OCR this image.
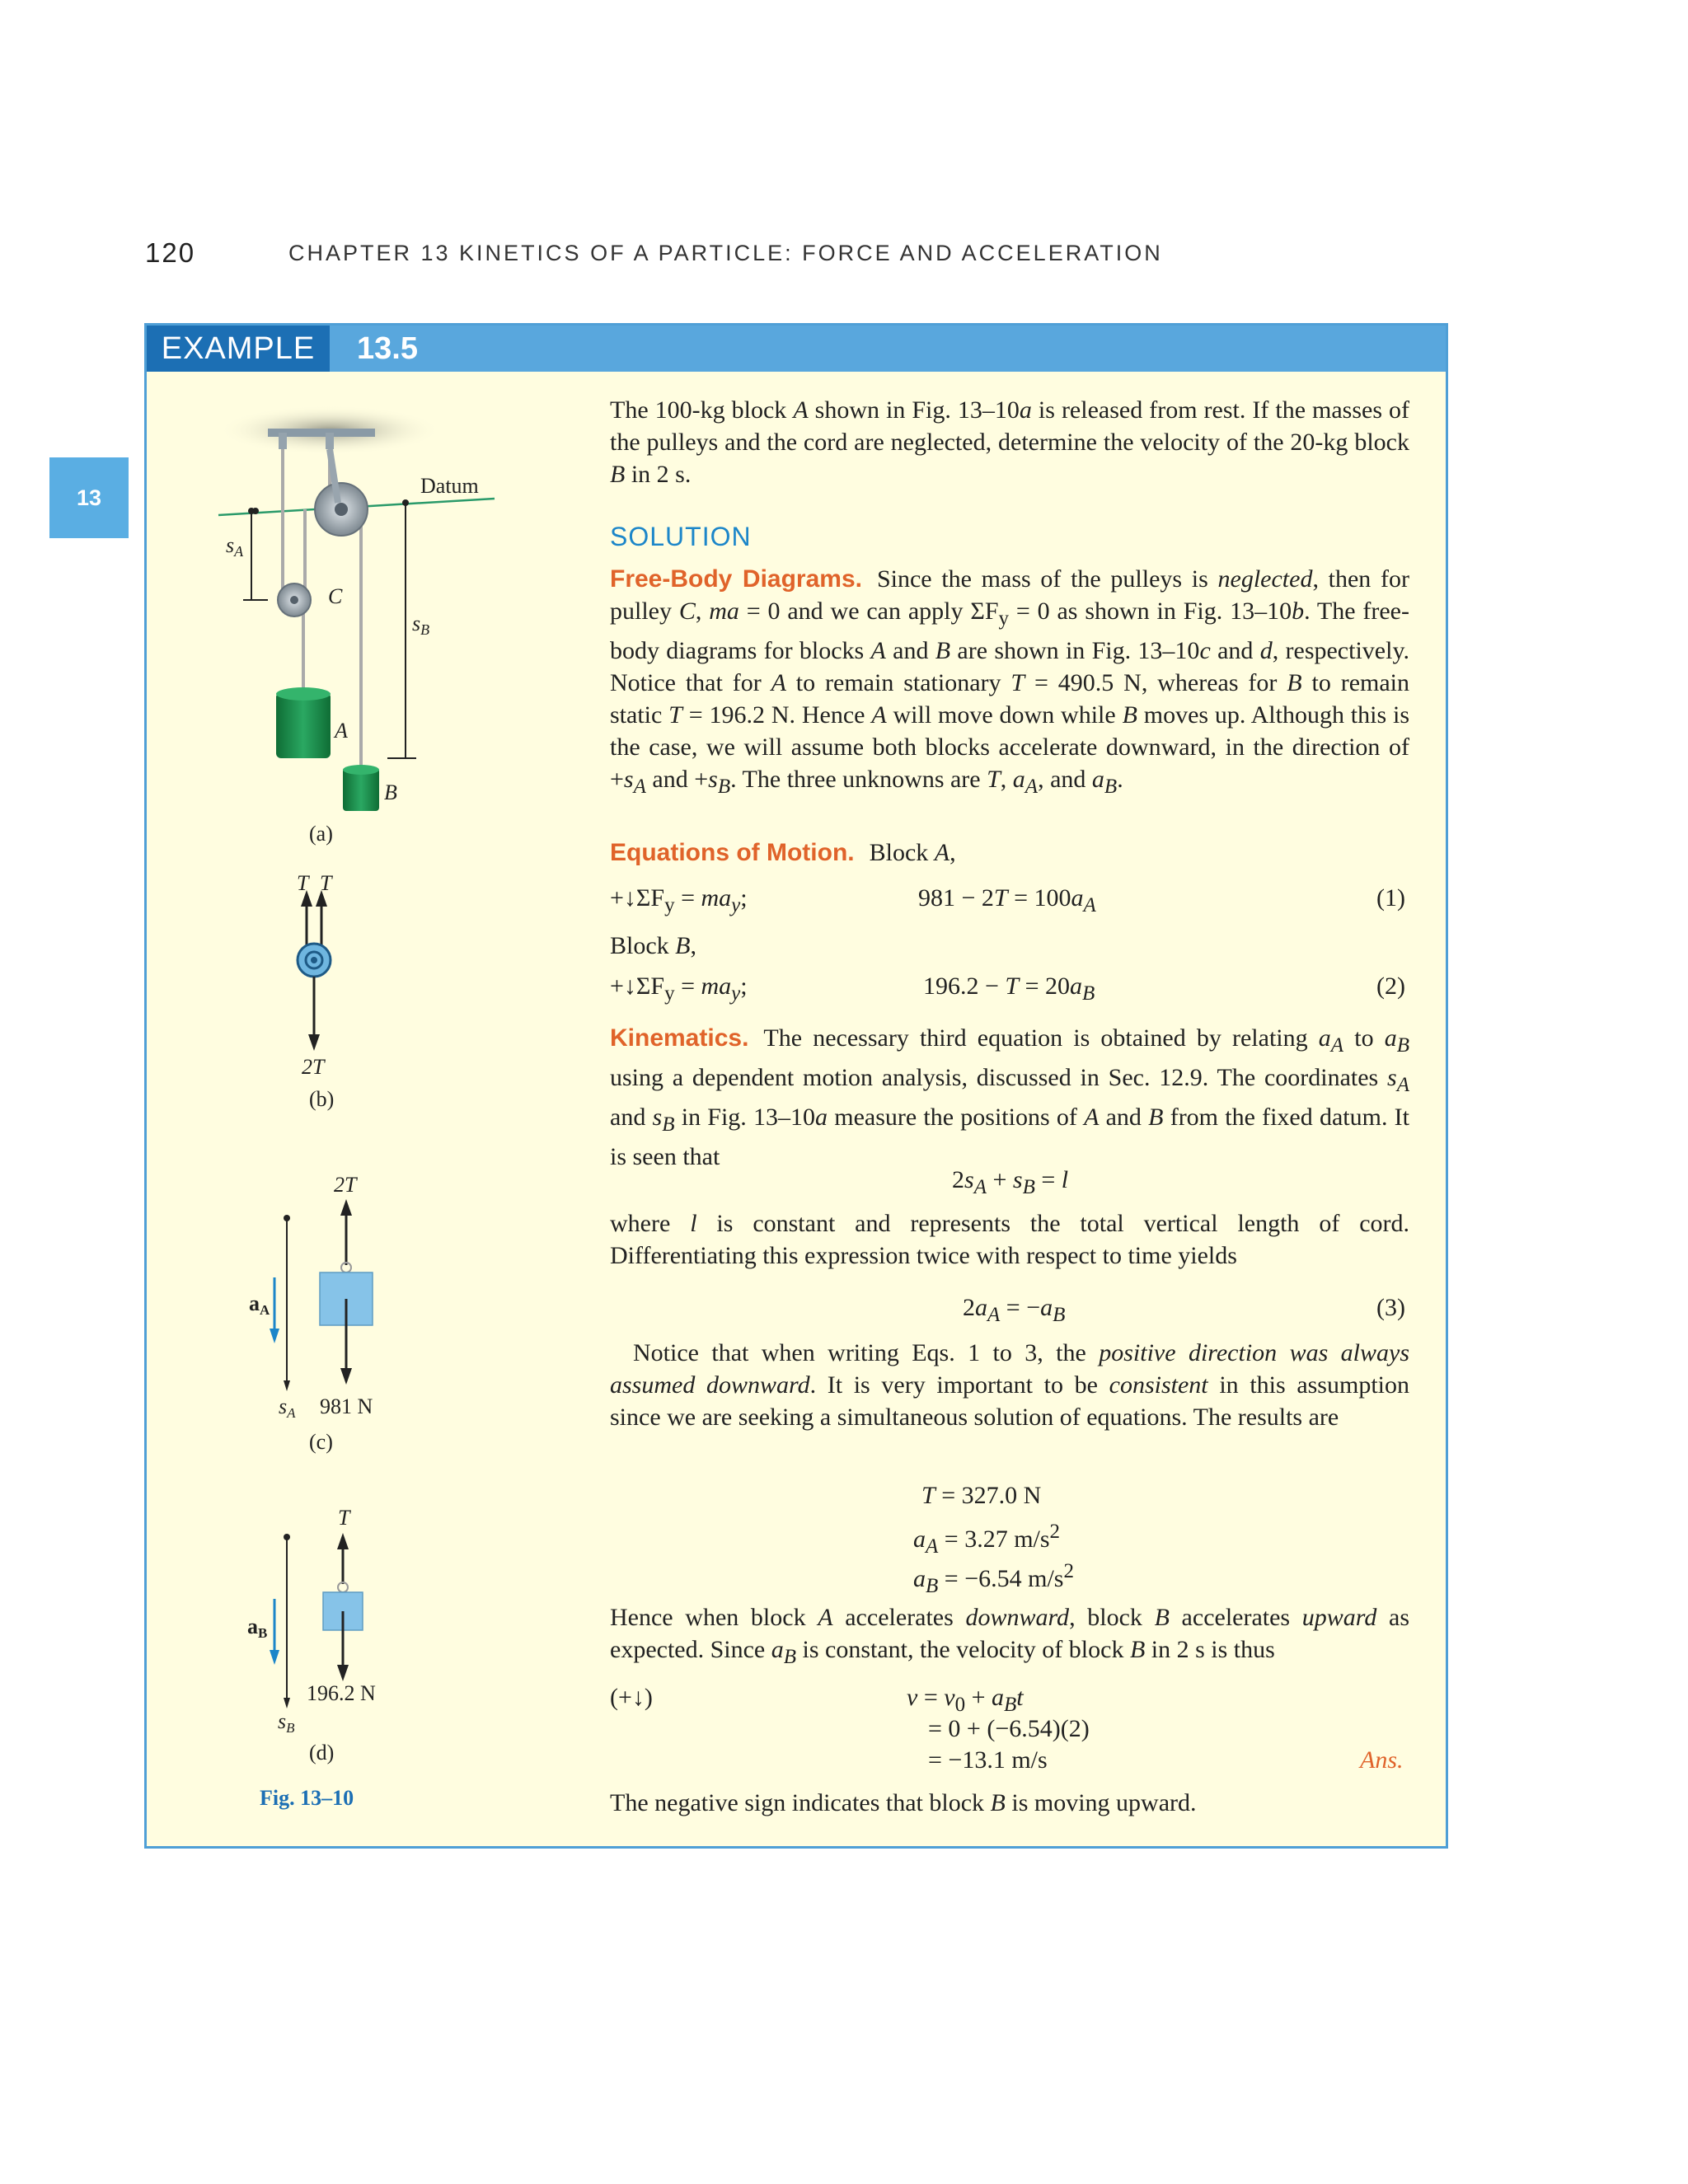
120	CHAPTER 13 KINETICS OF A PARTICLE: FORCE AND ACCELERATION
13
EXAMPLE	13.5
The 100-kg block A shown in Fig. 13–10a is released from rest. If the masses of the pulleys and the cord are neglected, determine the velocity of the 20-kg block B in 2 s.
SOLUTION
Free-Body Diagrams. Since the mass of the pulleys is neglected, then for pulley C, ma = 0 and we can apply $\Sigma F_y = 0$ as shown in Fig. 13–10b. The free-body diagrams for blocks A and B are shown in Fig. 13–10c and d, respectively. Notice that for A to remain stationary T = 490.5 N, whereas for B to remain static T = 196.2 N. Hence A will move down while B moves up. Although this is the case, we will assume both blocks accelerate downward, in the direction of $+s_A$ and $+s_B$. The three unknowns are T, $a_A$, and $a_B$.
Equations of Motion. Block A,
$+↓\Sigma F_y = ma_y$;	$981 - 2T = 100a_A$	(1)
Block B,
$+↓\Sigma F_y = ma_y$;	$196.2 - T = 20a_B$	(2)
Kinematics. The necessary third equation is obtained by relating $a_A$ to $a_B$ using a dependent motion analysis, discussed in Sec. 12.9. The coordinates $s_A$ and $s_B$ in Fig. 13–10a measure the positions of A and B from the fixed datum. It is seen that
$2s_A + s_B = l$
where l is constant and represents the total vertical length of cord. Differentiating this expression twice with respect to time yields
$2a_A = -a_B$	(3)
Notice that when writing Eqs. 1 to 3, the positive direction was always assumed downward. It is very important to be consistent in this assumption since we are seeking a simultaneous solution of equations. The results are
T = 327.0 N
$a_A = 3.27$ $m/s^2$
$a_B = -6.54$ $m/s^2$
Hence when block A accelerates downward, block B accelerates upward as expected. Since $a_B$ is constant, the velocity of block B in 2 s is thus
(+↓)	$v = v_0 + a_Bt$
= 0 + (−6.54)(2)
= −13.1 m/s	Ans.
The negative sign indicates that block B is moving upward.
Datum
sA
sB
C
A
B
(a)
T T
2T
(b)
2T
aA
sA 981 N
(c)
T
aB
196.2 N
sB
(d)
Fig. 13–10
